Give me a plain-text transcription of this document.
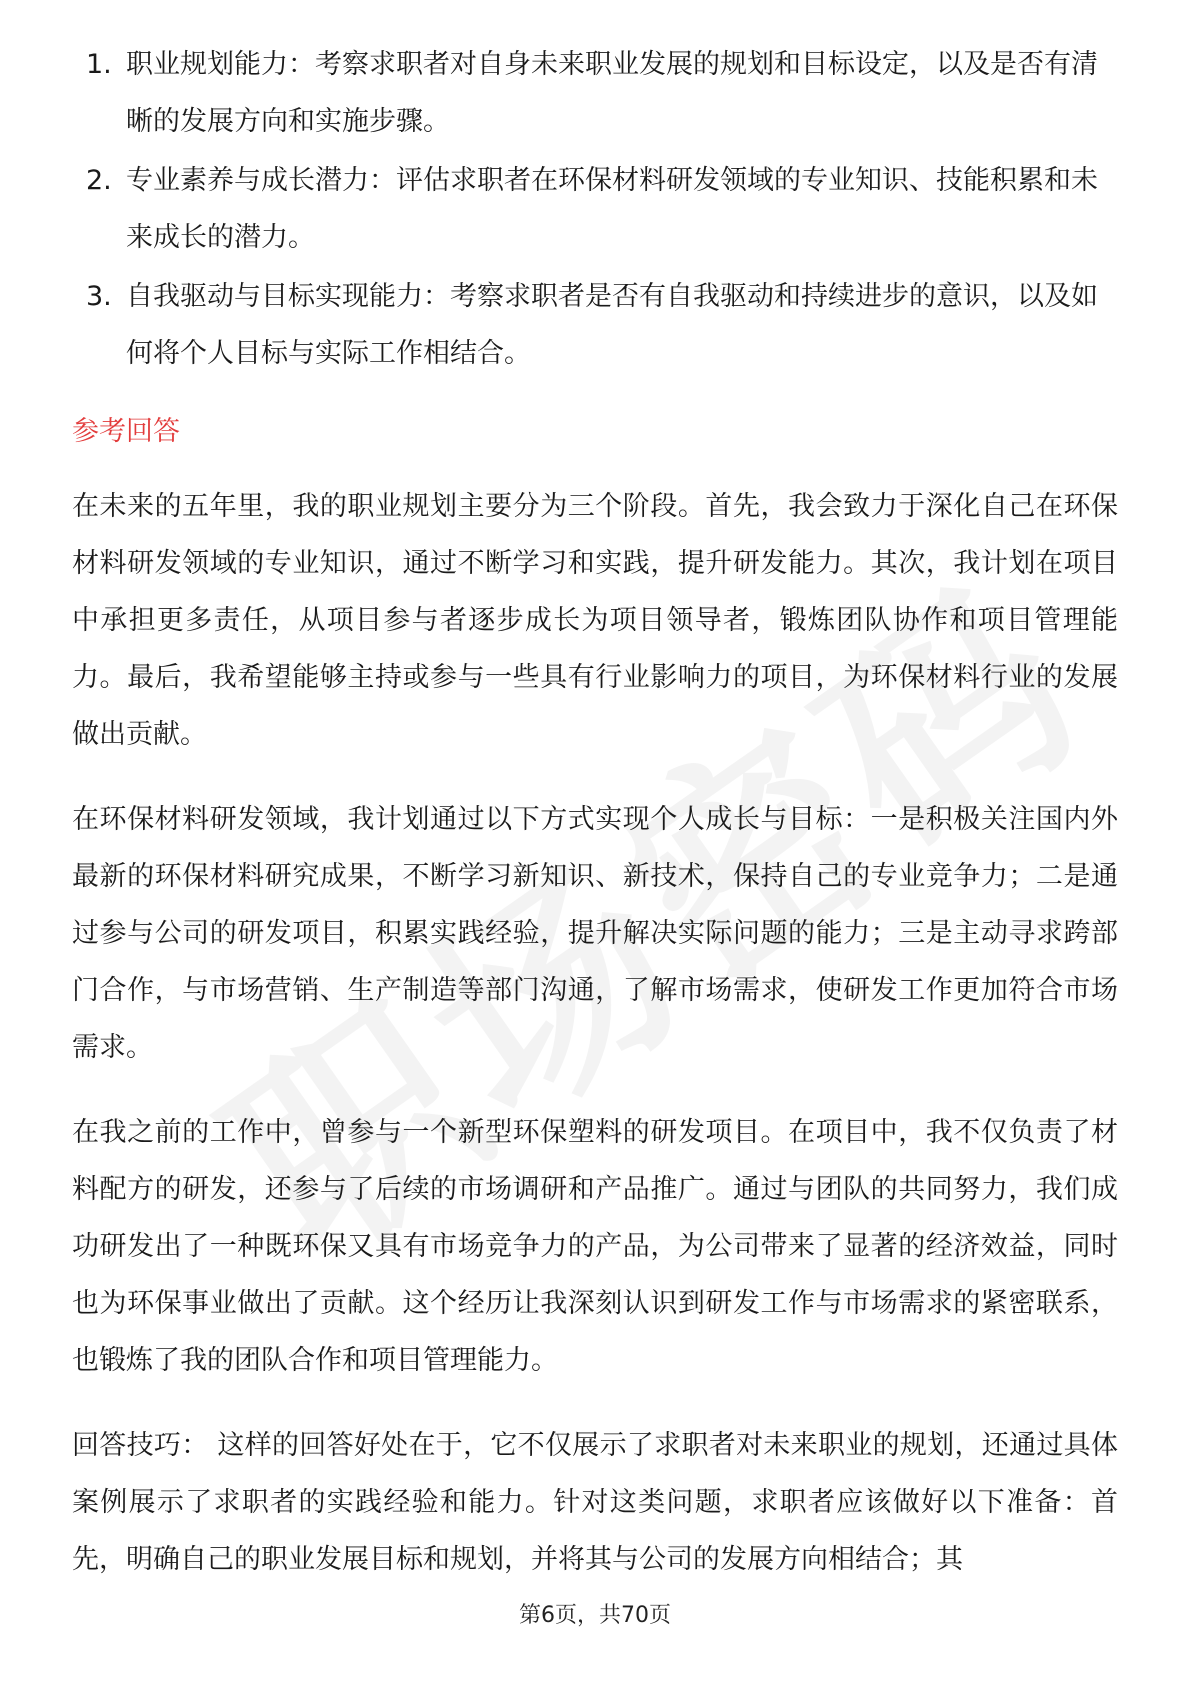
1. 职业规划能力：考察求职者对自身未来职业发展的规划和目标设定，以及是否有清晰的发展方向和实施步骤。
2. 专业素养与成长潜力：评估求职者在环保材料研发领域的专业知识、技能积累和未来成长的潜力。
3. 自我驱动与目标实现能力：考察求职者是否有自我驱动和持续进步的意识，以及如何将个人目标与实际工作相结合。
参考回答

在未来的五年里，我的职业规划主要分为三个阶段。首先，我会致力于深化自己在环保材料研发领域的专业知识，通过不断学习和实践，提升研发能力。其次，我计划在项目中承担更多责任，从项目参与者逐步成长为项目领导者，锻炼团队协作和项目管理能力。最后，我希望能够主持或参与一些具有行业影响力的项目，为环保材料行业的发展做出贡献。

在环保材料研发领域，我计划通过以下方式实现个人成长与目标：一是积极关注国内外最新的环保材料研究成果，不断学习新知识、新技术，保持自己的专业竞争力；二是通过参与公司的研发项目，积累实践经验，提升解决实际问题的能力；三是主动寻求跨部门合作，与市场营销、生产制造等部门沟通，了解市场需求，使研发工作更加符合市场需求。

在我之前的工作中，曾参与一个新型环保塑料的研发项目。在项目中，我不仅负责了材料配方的研发，还参与了后续的市场调研和产品推广。通过与团队的共同努力，我们成功研发出了一种既环保又具有市场竞争力的产品，为公司带来了显著的经济效益，同时也为环保事业做出了贡献。这个经历让我深刻认识到研发工作与市场需求的紧密联系，也锻炼了我的团队合作和项目管理能力。

回答技巧： 这样的回答好处在于，它不仅展示了求职者对未来职业的规划，还通过具体案例展示了求职者的实践经验和能力。针对这类问题，求职者应该做好以下准备：首先，明确自己的职业发展目标和规划，并将其与公司的发展方向相结合；其

第6页，共70页
